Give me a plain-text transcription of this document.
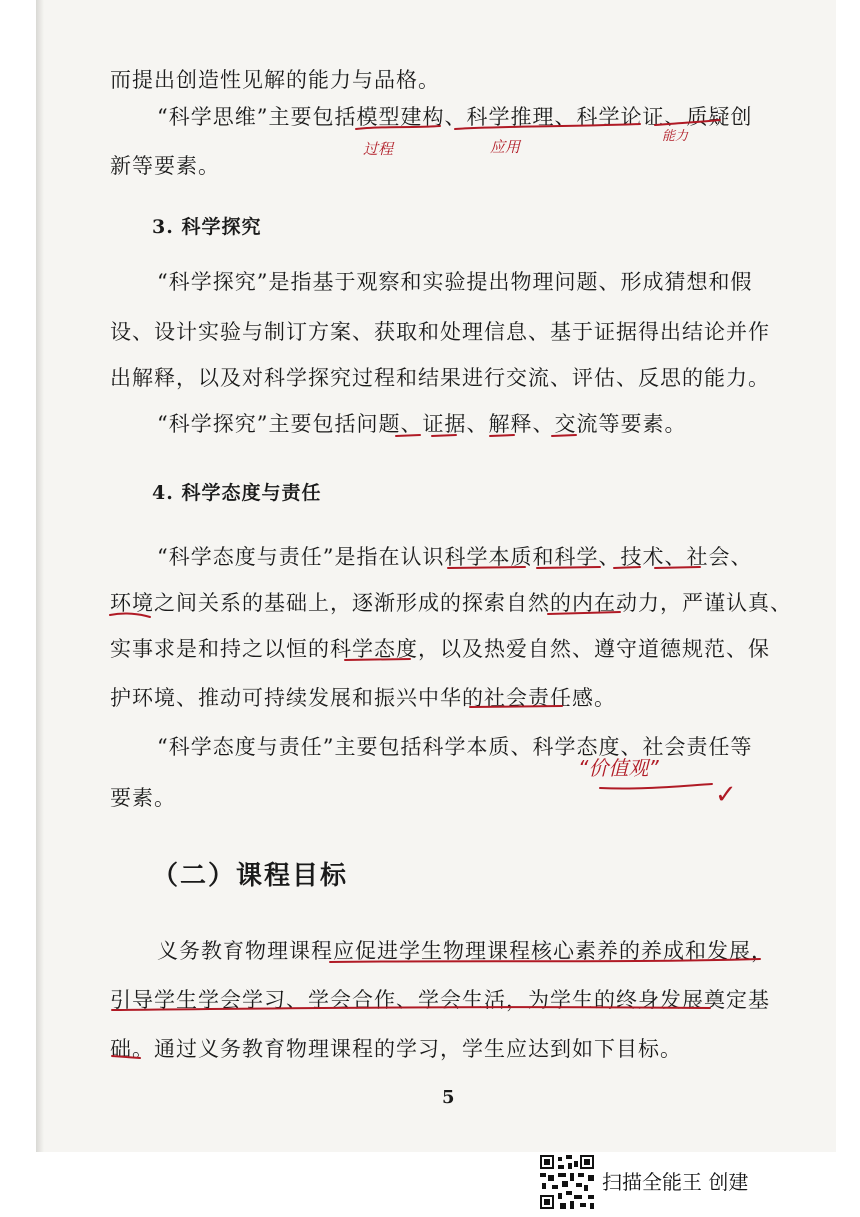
而提出创造性见解的能力与品格。
“科学思维”主要包括模型建构、科学推理、科学论证、质疑创
新等要素。
3. 科学探究
“科学探究”是指基于观察和实验提出物理问题、形成猜想和假
设、设计实验与制订方案、获取和处理信息、基于证据得出结论并作
出解释，以及对科学探究过程和结果进行交流、评估、反思的能力。
“科学探究”主要包括问题、证据、解释、交流等要素。
4. 科学态度与责任
“科学态度与责任”是指在认识科学本质和科学、技术、社会、
环境之间关系的基础上，逐渐形成的探索自然的内在动力，严谨认真、
实事求是和持之以恒的科学态度，以及热爱自然、遵守道德规范、保
护环境、推动可持续发展和振兴中华的社会责任感。
“科学态度与责任”主要包括科学本质、科学态度、社会责任等
要素。
（二）课程目标
义务教育物理课程应促进学生物理课程核心素养的养成和发展，
引导学生学会学习、学会合作、学会生活，为学生的终身发展奠定基
础。通过义务教育物理课程的学习，学生应达到如下目标。
5
过程	应用
能力
“价值观”
✓
扫描全能王 创建
